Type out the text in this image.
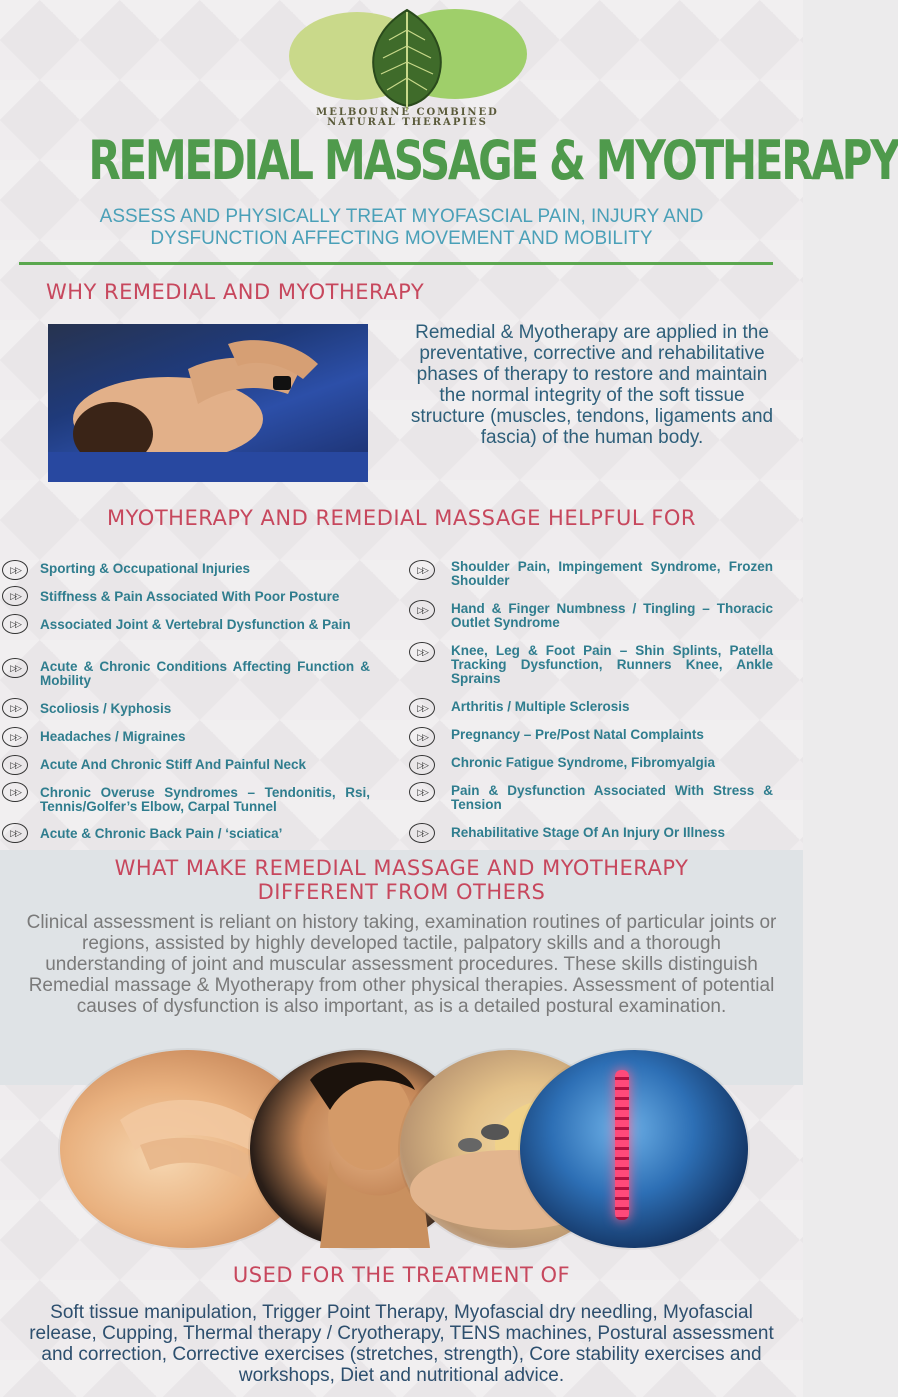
MELBOURNE COMBINED
NATURAL THERAPIES
REMEDIAL MASSAGE & MYOTHERAPY
ASSESS AND PHYSICALLY TREAT MYOFASCIAL PAIN, INJURY AND DYSFUNCTION AFFECTING MOVEMENT AND MOBILITY
WHY REMEDIAL AND MYOTHERAPY
Remedial & Myotherapy are applied in the preventative, corrective and rehabilitative phases of therapy to restore and maintain the normal integrity of the soft tissue structure (muscles, tendons, ligaments and fascia) of the human body.
MYOTHERAPY AND REMEDIAL MASSAGE HELPFUL FOR
▷▷	Sporting & Occupational Injuries
▷▷	Stiffness & Pain Associated With Poor Posture
▷▷	Associated Joint & Vertebral Dysfunction & Pain
▷▷	Acute & Chronic Conditions Affecting Function & Mobility
▷▷	Scoliosis / Kyphosis
▷▷	Headaches / Migraines
▷▷	Acute And Chronic Stiff And Painful Neck
▷▷	Chronic Overuse Syndromes – Tendonitis, Rsi, Tennis/Golfer’s Elbow, Carpal Tunnel
▷▷	Acute & Chronic Back Pain / ‘sciatica’
▷▷	Shoulder Pain, Impingement Syndrome, Frozen Shoulder
▷▷	Hand & Finger Numbness / Tingling – Thoracic Outlet Syndrome
▷▷	Knee, Leg & Foot Pain – Shin Splints, Patella Tracking Dysfunction, Runners Knee, Ankle Sprains
▷▷	Arthritis / Multiple Sclerosis
▷▷	Pregnancy – Pre/Post Natal Complaints
▷▷	Chronic Fatigue Syndrome, Fibromyalgia
▷▷	Pain & Dysfunction Associated With Stress & Tension
▷▷	Rehabilitative Stage Of An Injury Or Illness
WHAT MAKE REMEDIAL MASSAGE AND MYOTHERAPY DIFFERENT FROM OTHERS
Clinical assessment is reliant on history taking, examination routines of particular joints or regions, assisted by highly developed tactile, palpatory skills and a thorough understanding of joint and muscular assessment procedures. These skills distinguish Remedial massage & Myotherapy from other physical therapies. Assessment of potential causes of dysfunction is also important, as is a detailed postural examination.
USED FOR THE TREATMENT OF
Soft tissue manipulation, Trigger Point Therapy, Myofascial dry needling, Myofascial release, Cupping, Thermal therapy / Cryotherapy, TENS machines, Postural assessment and correction, Corrective exercises (stretches, strength), Core stability exercises and workshops, Diet and nutritional advice.
